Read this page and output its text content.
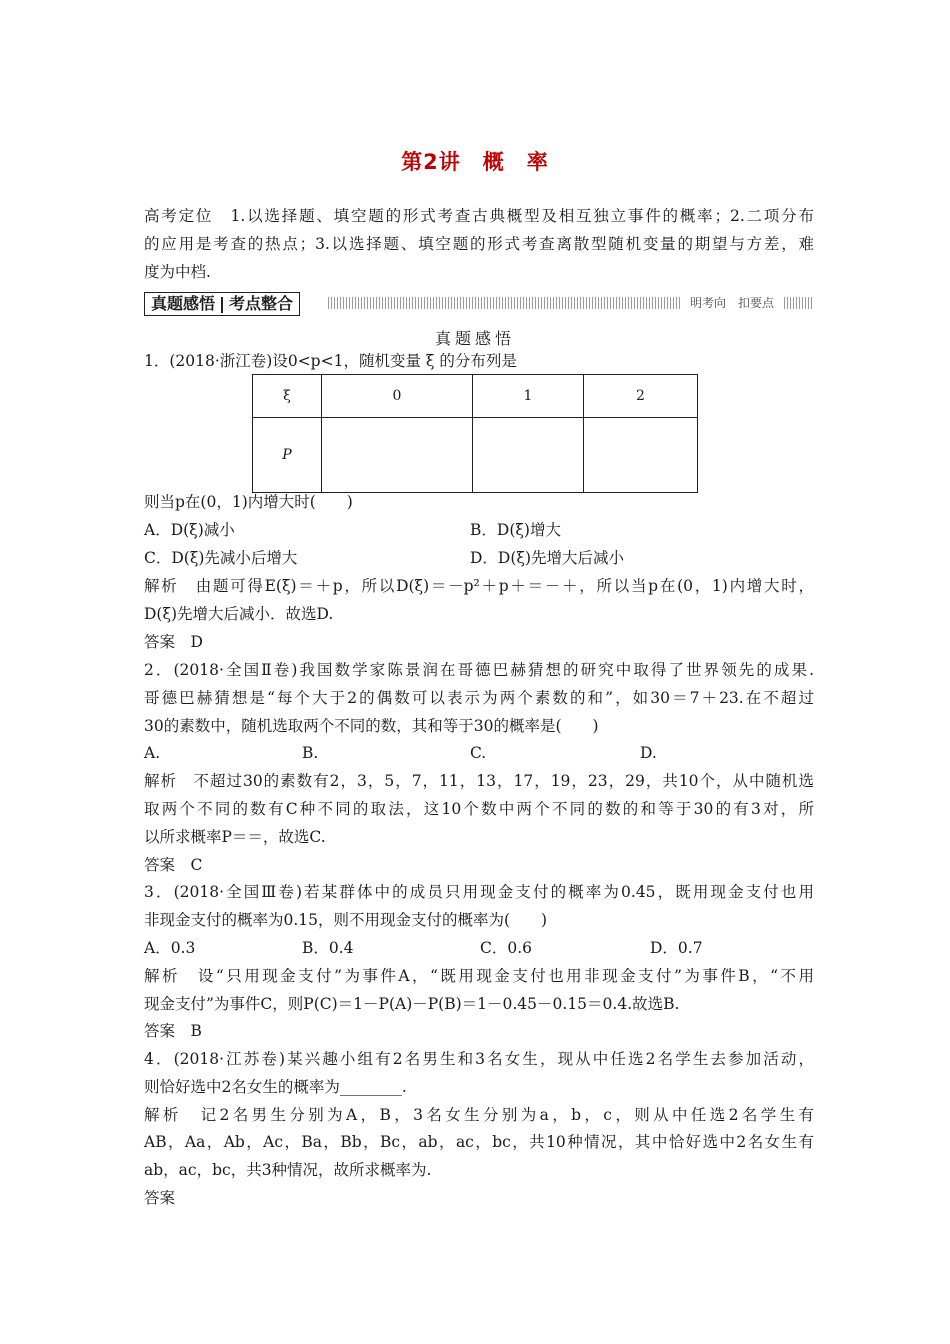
第2讲　概　率
高考定位　1.以选择题、填空题的形式考查古典概型及相互独立事件的概率；2.二项分布
的应用是考查的热点；3.以选择题、填空题的形式考查离散型随机变量的期望与方差，难
度为中档.
真题感悟 考点整合	明考向　扣要点
真题感悟
1．(2018·浙江卷)设0<p<1，随机变量 ξ 的分布列是
ξ	0	1	2
P			
则当p在(0，1)内增大时(　　)
A．D(ξ)减小	B．D(ξ)增大
C．D(ξ)先减小后增大	D．D(ξ)先增大后减小
解析　由题可得E(ξ)＝＋p，所以D(ξ)＝－p²＋p＋＝－＋，所以当p在(0，1)内增大时，
D(ξ)先增大后减小．故选D.
答案　D
2．(2018·全国Ⅱ卷)我国数学家陈景润在哥德巴赫猜想的研究中取得了世界领先的成果.
哥德巴赫猜想是“每个大于2的偶数可以表示为两个素数的和”，如30＝7＋23.在不超过
30的素数中，随机选取两个不同的数，其和等于30的概率是(　　)
A.	B.	C.	D.
解析　不超过30的素数有2，3，5，7，11，13，17，19，23，29，共10个，从中随机选
取两个不同的数有C种不同的取法，这10个数中两个不同的数的和等于30的有3对，所
以所求概率P＝＝，故选C.
答案　C
3．(2018·全国Ⅲ卷)若某群体中的成员只用现金支付的概率为0.45，既用现金支付也用
非现金支付的概率为0.15，则不用现金支付的概率为(　　)
A．0.3	B．0.4	C．0.6	D．0.7
解析　设“只用现金支付”为事件A，“既用现金支付也用非现金支付”为事件B，“不用
现金支付”为事件C，则P(C)＝1－P(A)－P(B)＝1－0.45－0.15＝0.4.故选B.
答案　B
4．(2018·江苏卷)某兴趣小组有2名男生和3名女生，现从中任选2名学生去参加活动，
则恰好选中2名女生的概率为________.
解析　记2名男生分别为A，B，3名女生分别为a，b，c，则从中任选2名学生有
AB，Aa，Ab，Ac，Ba，Bb，Bc，ab，ac，bc，共10种情况，其中恰好选中2名女生有
ab，ac，bc，共3种情况，故所求概率为.
答案
